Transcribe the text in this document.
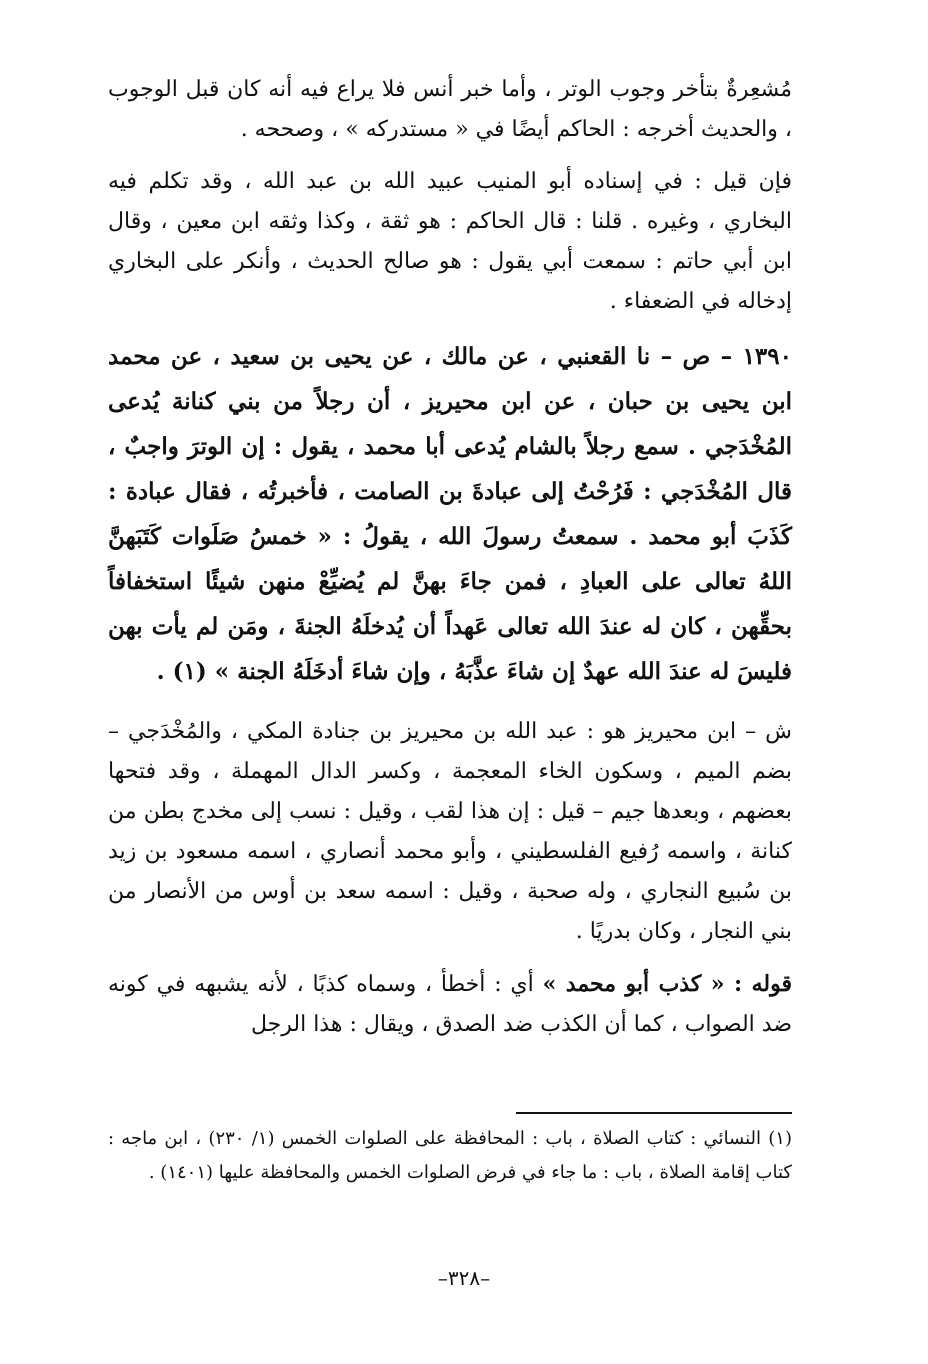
مُشعِرةٌ بتأخر وجوب الوتر ، وأما خبر أنس فلا يراع فيه أنه كان قبل الوجوب ، والحديث أخرجه : الحاكم أيضًا في « مستدركه » ، وصححه .

فإن قيل : في إسناده أبو المنيب عبيد الله بن عبد الله ، وقد تكلم فيه البخاري ، وغيره . قلنا : قال الحاكم : هو ثقة ، وكذا وثقه ابن معين ، وقال ابن أبي حاتم : سمعت أبي يقول : هو صالح الحديث ، وأنكر على البخاري إدخاله في الضعفاء .

١٣٩٠ – ص – نا القعنبي ، عن مالك ، عن يحيى بن سعيد ، عن محمد ابن يحيى بن حبان ، عن ابن محيريز ، أن رجلاً من بني كنانة يُدعى المُخْدَجي . سمع رجلاً بالشام يُدعى أبا محمد ، يقول : إن الوترَ واجبٌ ، قال المُخْدَجي : فَرُحْتُ إلى عبادةَ بن الصامت ، فأخبرتُه ، فقال عبادة : كَذَبَ أبو محمد . سمعتُ رسولَ الله ، يقولُ : « خمسُ صَلَوات كَتَبَهنَّ اللهُ تعالى على العبادِ ، فمن جاءَ بهنَّ لم يُضيِّعْ منهن شيئًا استخفافاً بحقِّهن ، كان له عندَ الله تعالى عَهداً أن يُدخلَهُ الجنةَ ، ومَن لم يأت بهن فليسَ له عندَ الله عهدٌ إن شاءَ عذَّبَهُ ، وإن شاءَ أدخَلَهُ الجنة » (١) .

ش – ابن محيريز هو : عبد الله بن محيريز بن جنادة المكي ، والمُخْدَجي – بضم الميم ، وسكون الخاء المعجمة ، وكسر الدال المهملة ، وقد فتحها بعضهم ، وبعدها جيم – قيل : إن هذا لقب ، وقيل : نسب إلى مخدج بطن من كنانة ، واسمه رُفيع الفلسطيني ، وأبو محمد أنصاري ، اسمه مسعود بن زيد بن سُبيع النجاري ، وله صحبة ، وقيل : اسمه سعد بن أوس من الأنصار من بني النجار ، وكان بدريًا .

قوله : « كذب أبو محمد » أي : أخطأ ، وسماه كذبًا ، لأنه يشبهه في كونه ضد الصواب ، كما أن الكذب ضد الصدق ، ويقال : هذا الرجل

(١) النسائي : كتاب الصلاة ، باب : المحافظة على الصلوات الخمس (١/ ٢٣٠) ، ابن ماجه : كتاب إقامة الصلاة ، باب : ما جاء في فرض الصلوات الخمس والمحافظة عليها (١٤٠١) .

–٣٢٨–
